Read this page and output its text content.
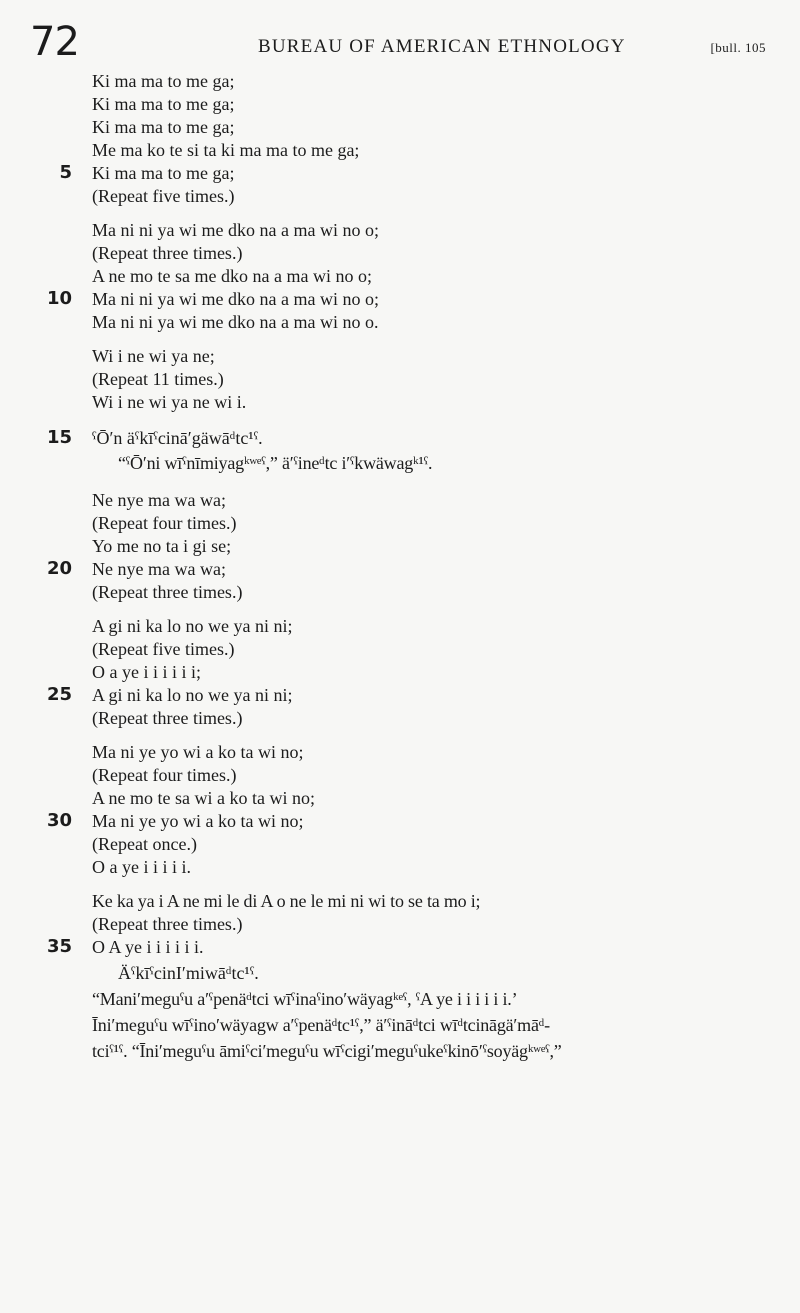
72	BUREAU OF AMERICAN ETHNOLOGY	[bull. 105
Ki ma ma to me ga;
Ki ma ma to me ga;
Ki ma ma to me ga;
Me ma ko te si ta ki ma ma to me ga;
5 Ki ma ma to me ga;
(Repeat five times.)
Ma ni ni ya wi me dko na a ma wi no o;
(Repeat three times.)
A ne mo te sa me dko na a ma wi no o;
10 Ma ni ni ya wi me dko na a ma wi no o;
Ma ni ni ya wi me dko na a ma wi no o.
Wi i ne wi ya ne;
(Repeat 11 times.)
Wi i ne wi ya ne wi i.
15 ˁŌ′n äˁkīˁcinā′gäwāᵈtc¹ˁ.
“ˁŌ′ni wīˁnīmiyagᵏʷᵉˁ,” ä′ˁineᵈtc i′ˁkwäwagᵏ¹ˁ.
Ne nye ma wa wa;
(Repeat four times.)
Yo me no ta i gi se;
20 Ne nye ma wa wa;
(Repeat three times.)
A gi ni ka lo no we ya ni ni;
(Repeat five times.)
O a ye i i i i i i;
25 A gi ni ka lo no we ya ni ni;
(Repeat three times.)
Ma ni ye yo wi a ko ta wi no;
(Repeat four times.)
A ne mo te sa wi a ko ta wi no;
30 Ma ni ye yo wi a ko ta wi no;
(Repeat once.)
O a ye i i i i i.
Ke ka ya i A ne mi le di A o ne le mi ni wi to se ta mo i;
(Repeat three times.)
35 O A ye i i i i i i.
ÄˁkīˁcinI′miwāᵈtc¹ˁ.
“Mani′meguˁu a′ˁpenäᵈtci wīˁinaˁino′wäyagᵏᵉˁ, ˁA ye i i i i i i.’
Īni′meguˁu wīˁino′wäyagw a′ˁpenäᵈtc¹ˁ,” ä′ˁināᵈtci wīᵈtcināgä′māᵈ-
tciˁ¹ˁ. “Īni′meguˁu āmiˁci′meguˁu wīˁcigi′meguˁukeˁkinō′ˁsoyägᵏʷᵉˁ,”
